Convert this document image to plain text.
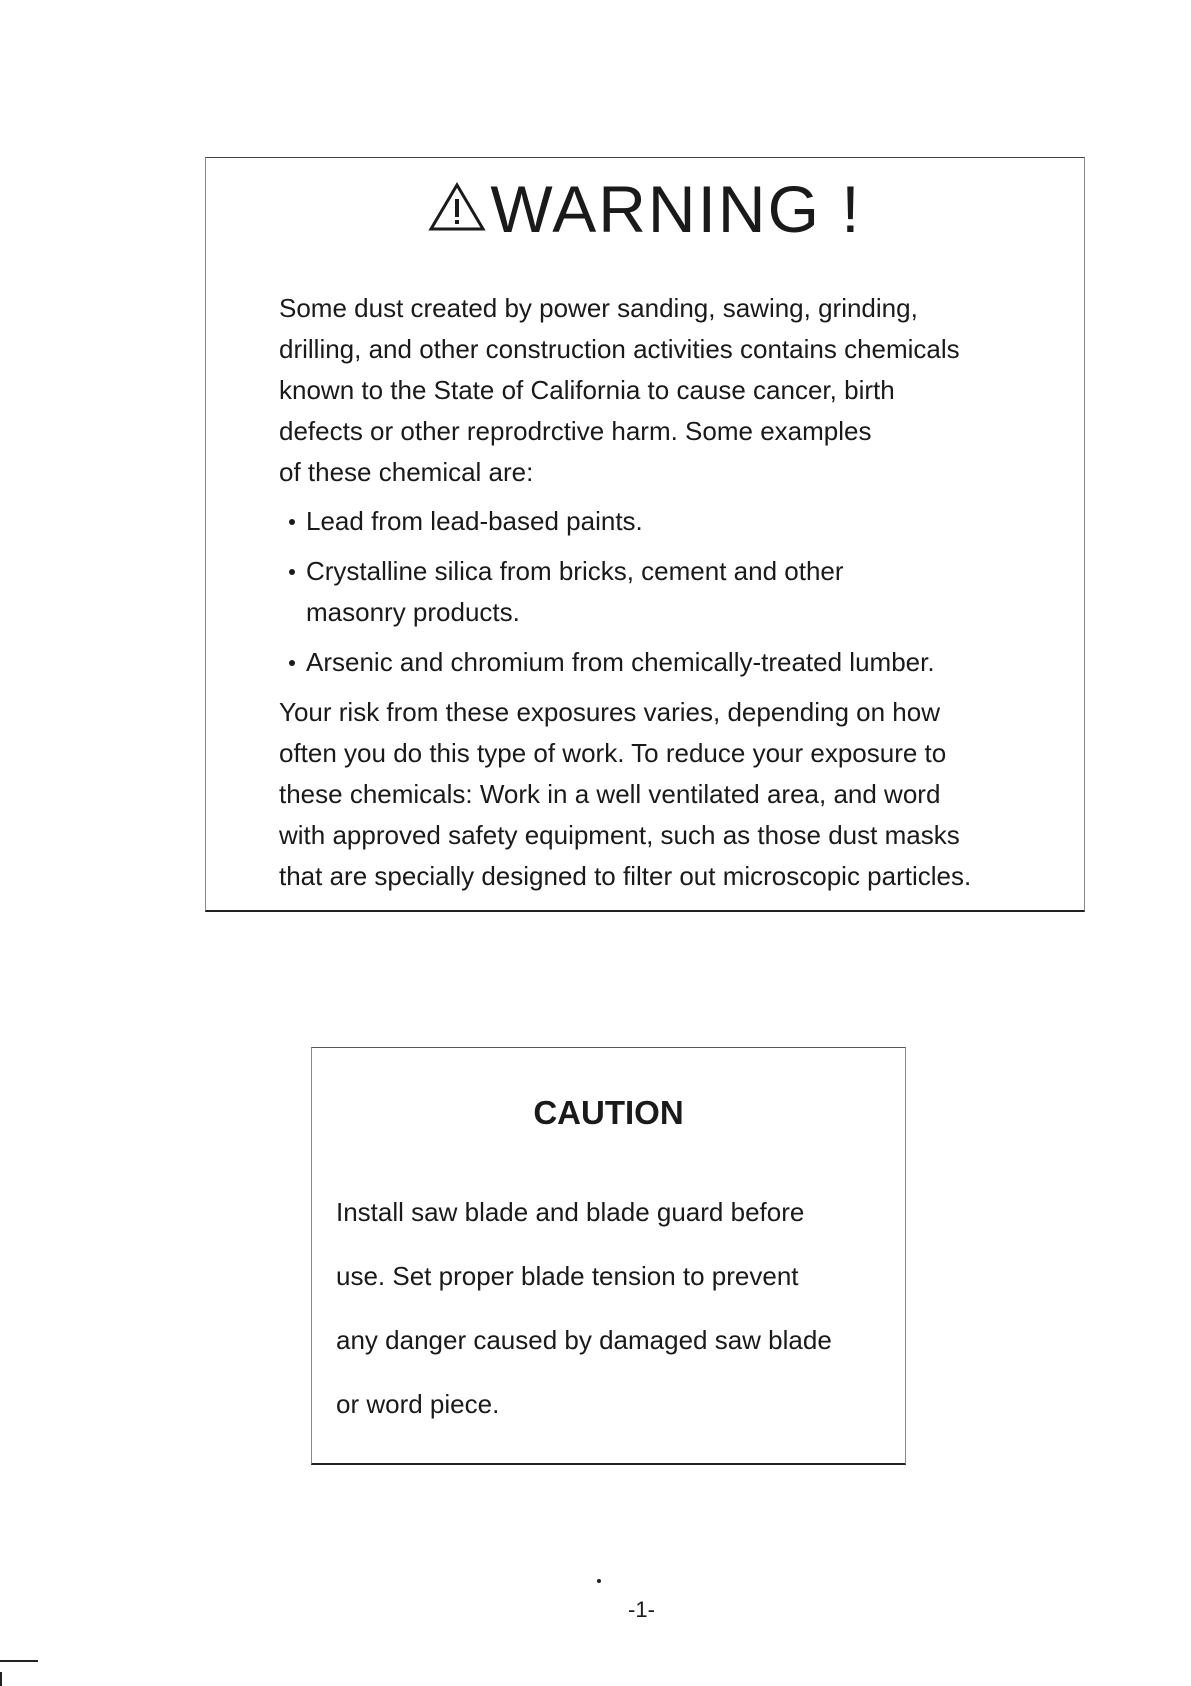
WARNING !

Some dust created by power sanding, sawing, grinding,

drilling, and other construction activities contains chemicals

known to the State of California to cause cancer, birth

defects or other reprodrctive harm. Some examples

of these chemical are:

Lead from lead-based paints.
Crystalline silica from bricks, cement and other
masonry products.
Arsenic and chromium from chemically-treated lumber.

Your risk from these exposures varies, depending on how

often you do this type of work. To reduce your exposure to

these chemicals: Work in a well ventilated area, and word

with approved safety equipment, such as those dust masks

that are specially designed to filter out microscopic particles.

CAUTION
Install saw blade and blade guard before
use. Set proper blade tension to prevent
any danger caused by damaged saw blade
or word piece.
-1-
